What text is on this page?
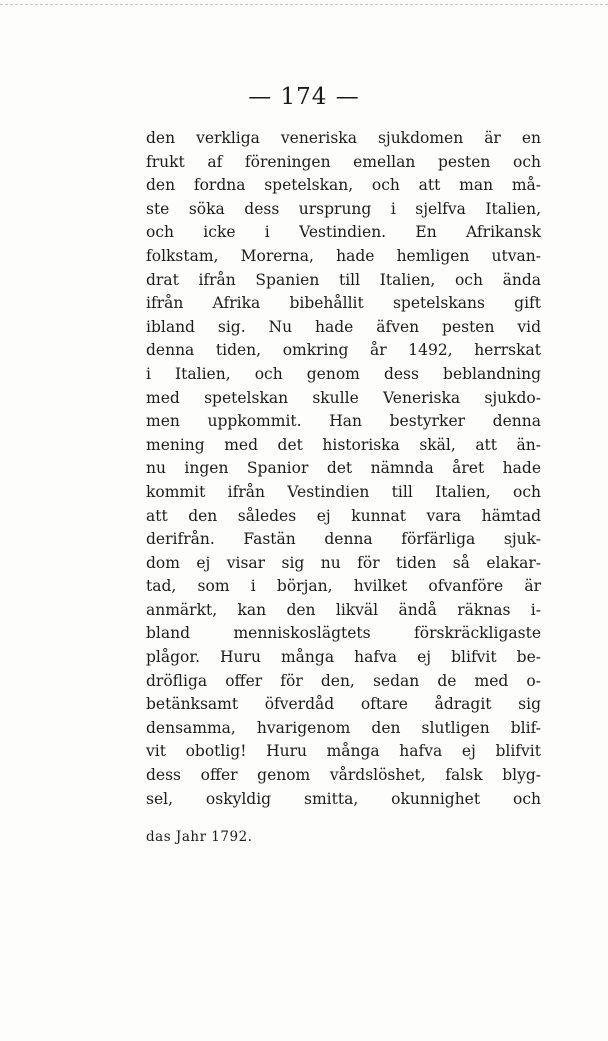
— 174 —
den verkliga veneriska sjukdomen är en
frukt af föreningen emellan pesten och
den fordna spetelskan, och att man må-
ste söka dess ursprung i sjelfva Italien,
och icke i Vestindien. En Afrikansk
folkstam, Morerna, hade hemligen utvan-
drat ifrån Spanien till Italien, och ända
ifrån Afrika bibehållit spetelskans gift
ibland sig. Nu hade äfven pesten vid
denna tiden, omkring år 1492, herrskat
i Italien, och genom dess beblandning
med spetelskan skulle Veneriska sjukdo-
men uppkommit. Han bestyrker denna
mening med det historiska skäl, att än-
nu ingen Spanior det nämnda året hade
kommit ifrån Vestindien till Italien, och
att den således ej kunnat vara hämtad
derifrån. Fastän denna förfärliga sjuk-
dom ej visar sig nu för tiden så elakar-
tad, som i början, hvilket ofvanföre är
anmärkt, kan den likväl ändå räknas i-
bland menniskoslägtets förskräckligaste
plågor. Huru många hafva ej blifvit be-
dröfliga offer för den, sedan de med o-
betänksamt öfverdåd oftare ådragit sig
densamma, hvarigenom den slutligen blif-
vit obotlig! Huru många hafva ej blifvit
dess offer genom vårdslöshet, falsk blyg-
sel, oskyldig smitta, okunnighet och
das Jahr 1792.
